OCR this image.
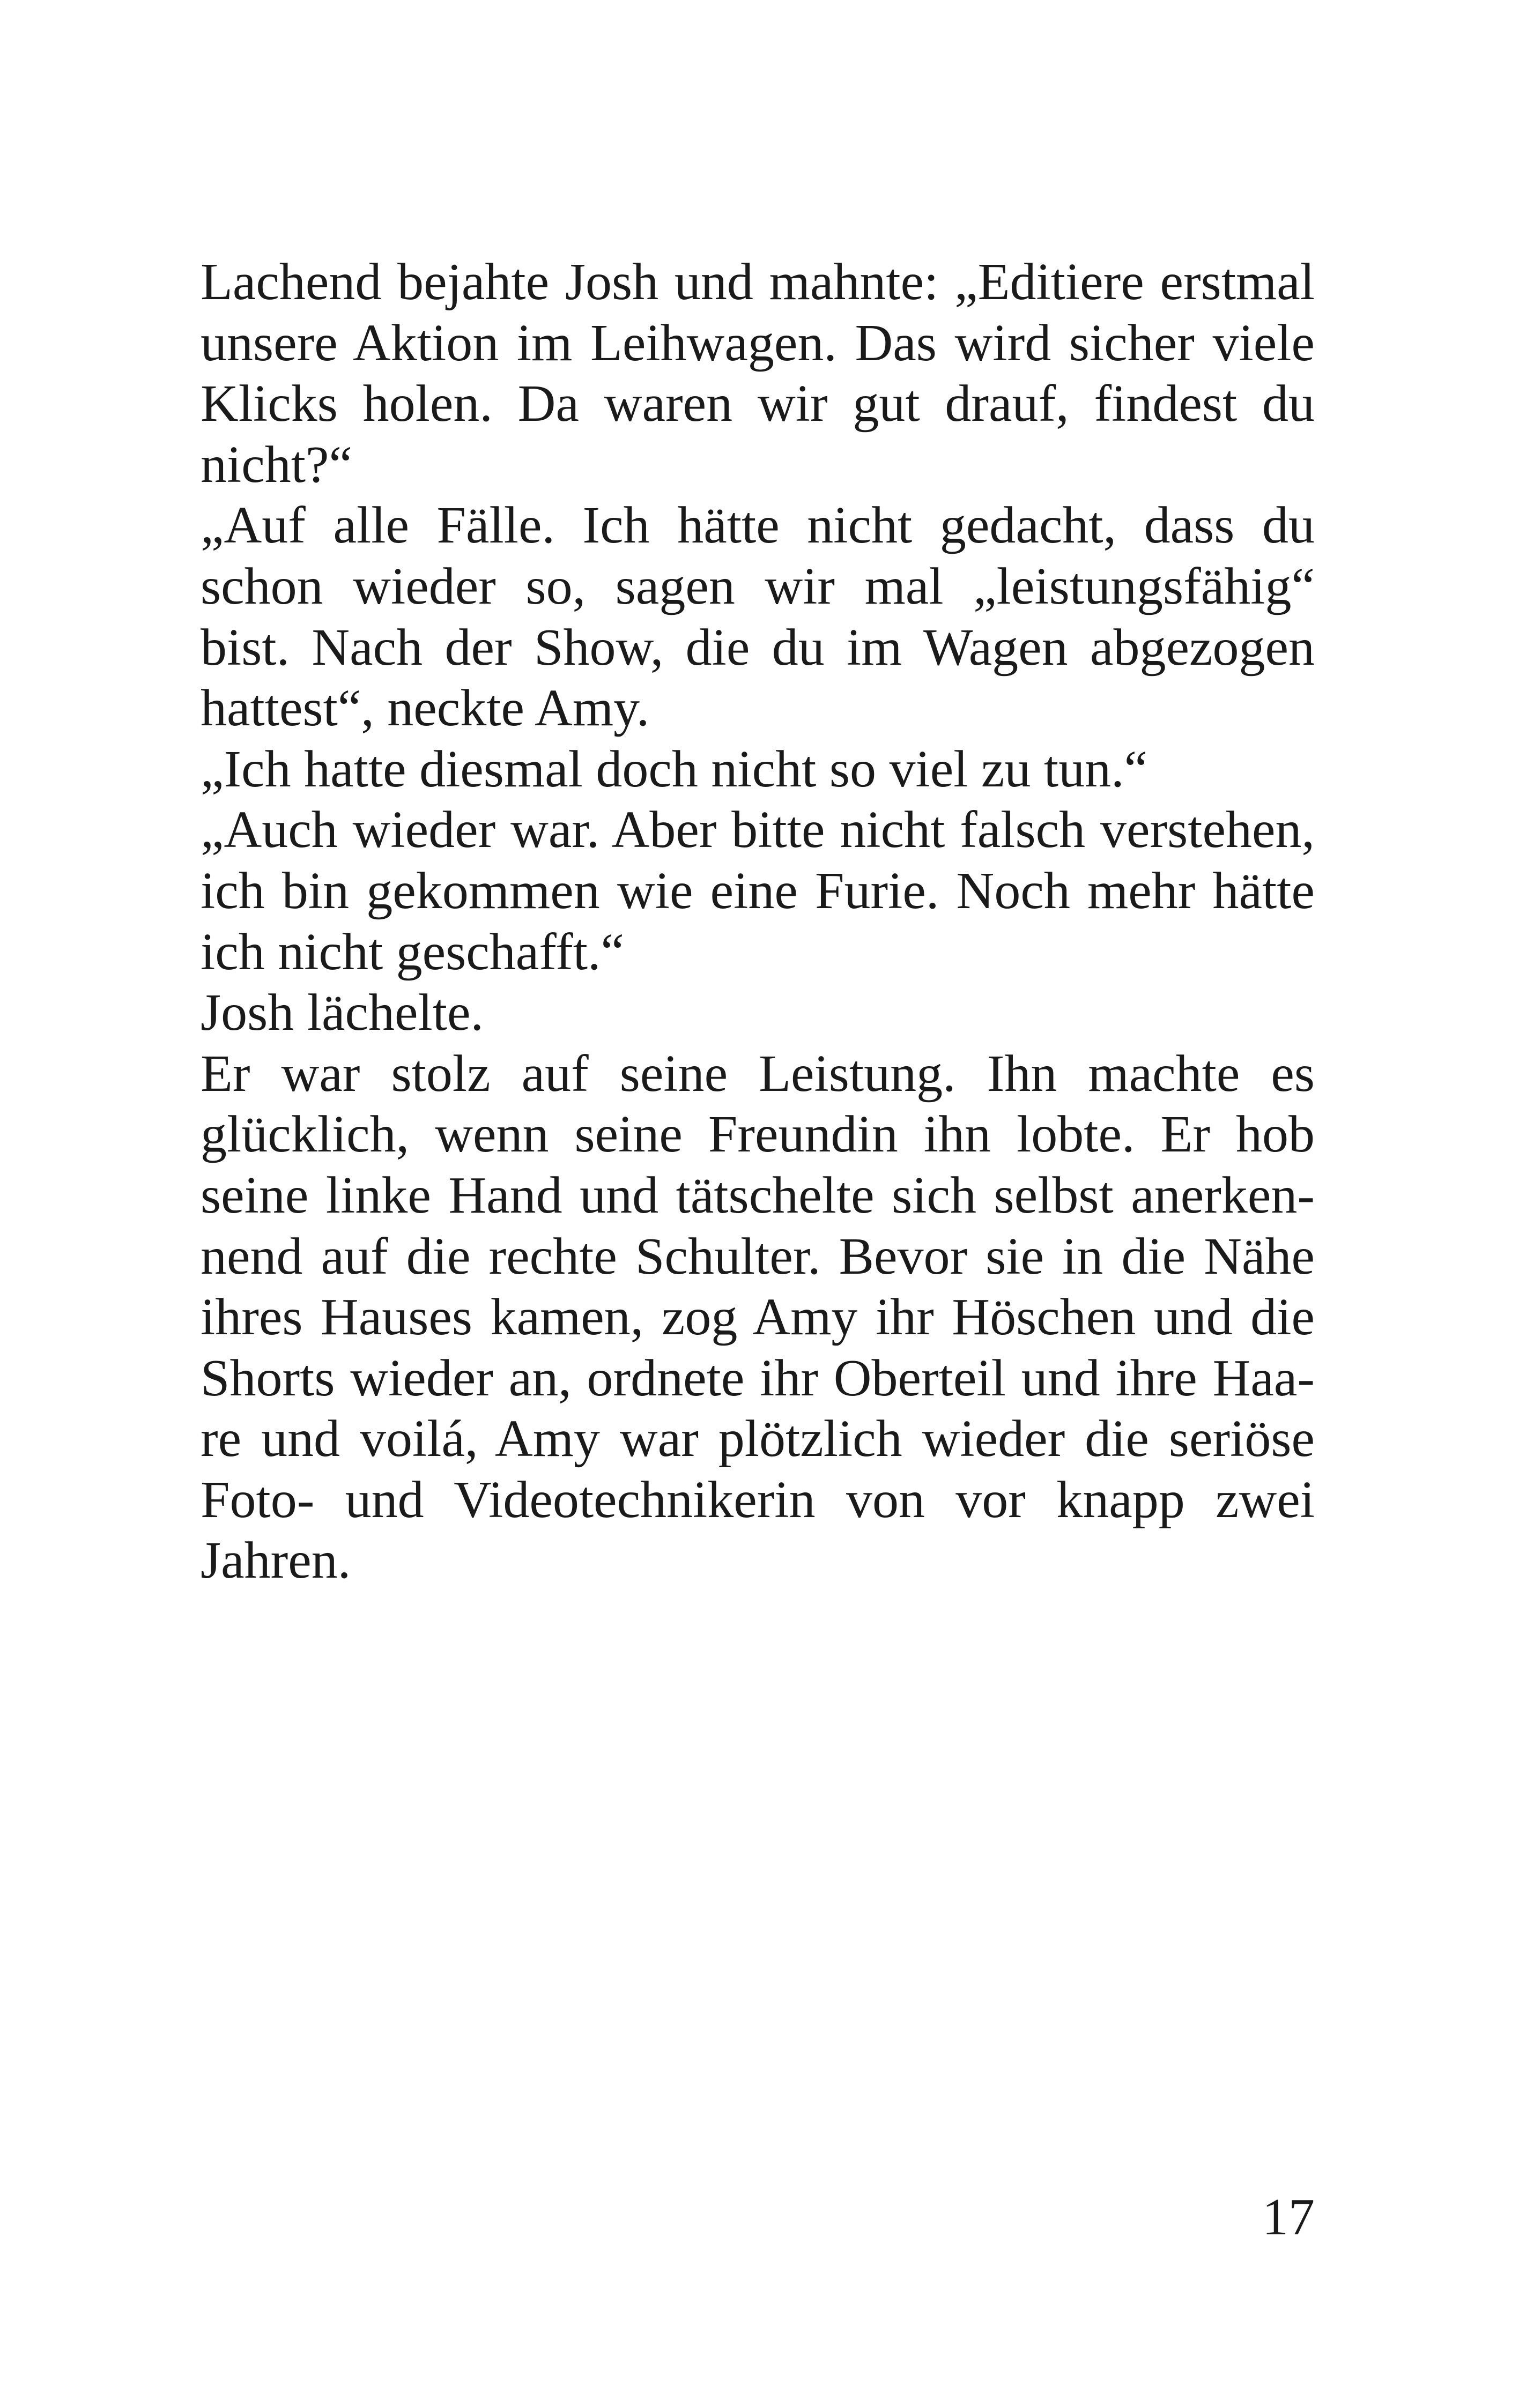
Lachend bejahte Josh und mahnte: „Editiere erstmal
unsere Aktion im Leihwagen. Das wird sicher viele
Klicks holen. Da waren wir gut drauf, findest du
nicht?“
„Auf alle Fälle. Ich hätte nicht gedacht, dass du
schon wieder so, sagen wir mal „leistungsfähig“
bist. Nach der Show, die du im Wagen abgezogen
hattest“, neckte Amy.
„Ich hatte diesmal doch nicht so viel zu tun.“
„Auch wieder war. Aber bitte nicht falsch verstehen,
ich bin gekommen wie eine Furie. Noch mehr hätte
ich nicht geschafft.“
Josh lächelte.
Er war stolz auf seine Leistung. Ihn machte es
glücklich, wenn seine Freundin ihn lobte. Er hob
seine linke Hand und tätschelte sich selbst anerken-
nend auf die rechte Schulter. Bevor sie in die Nähe
ihres Hauses kamen, zog Amy ihr Höschen und die
Shorts wieder an, ordnete ihr Oberteil und ihre Haa-
re und voilá, Amy war plötzlich wieder die seriöse
Foto- und Videotechnikerin von vor knapp zwei
Jahren.
17
